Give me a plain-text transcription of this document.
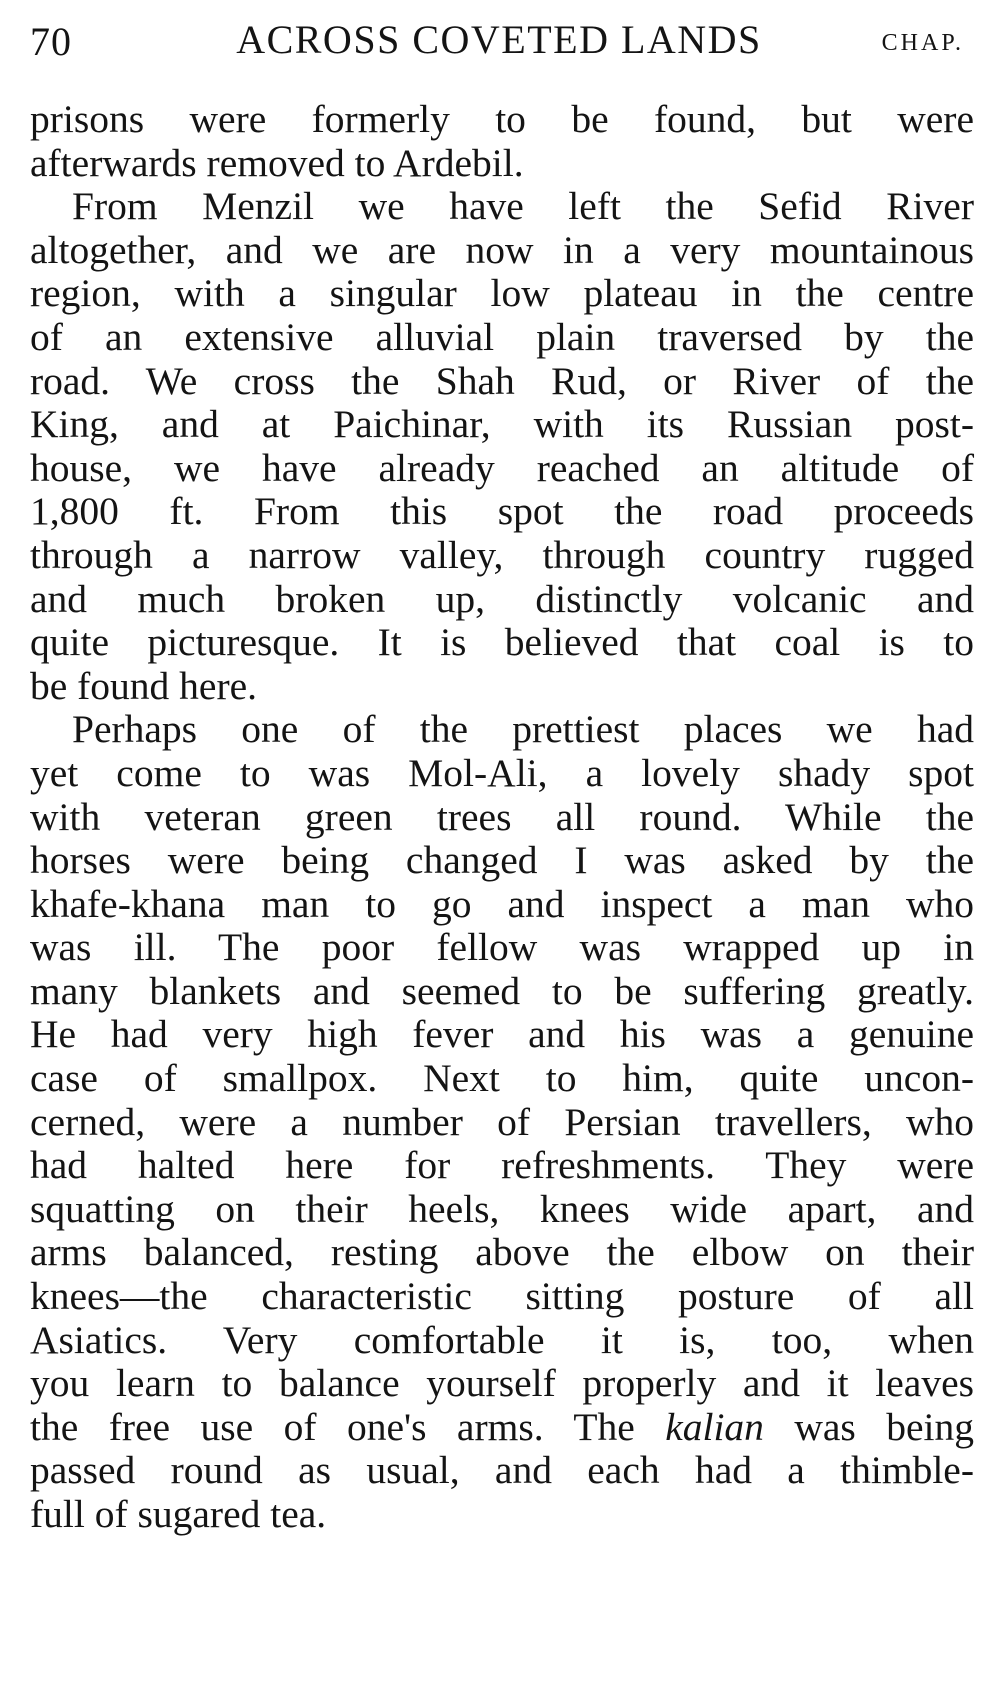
70	ACROSS COVETED LANDS	CHAP.

prisons were formerly to be found, but were
afterwards removed to Ardebil.

From Menzil we have left the Sefid River
altogether, and we are now in a very mountainous
region, with a singular low plateau in the centre
of an extensive alluvial plain traversed by the
road. We cross the Shah Rud, or River of the
King, and at Paichinar, with its Russian post-
house, we have already reached an altitude of
1,800 ft. From this spot the road proceeds
through a narrow valley, through country rugged
and much broken up, distinctly volcanic and
quite picturesque. It is believed that coal is to
be found here.

Perhaps one of the prettiest places we had
yet come to was Mol-Ali, a lovely shady spot
with veteran green trees all round. While the
horses were being changed I was asked by the
khafe-khana man to go and inspect a man who
was ill. The poor fellow was wrapped up in
many blankets and seemed to be suffering greatly.
He had very high fever and his was a genuine
case of smallpox. Next to him, quite uncon-
cerned, were a number of Persian travellers, who
had halted here for refreshments. They were
squatting on their heels, knees wide apart, and
arms balanced, resting above the elbow on their
knees—the characteristic sitting posture of all
Asiatics. Very comfortable it is, too, when
you learn to balance yourself properly and it leaves
the free use of one's arms. The kalian was being
passed round as usual, and each had a thimble-
full of sugared tea.
